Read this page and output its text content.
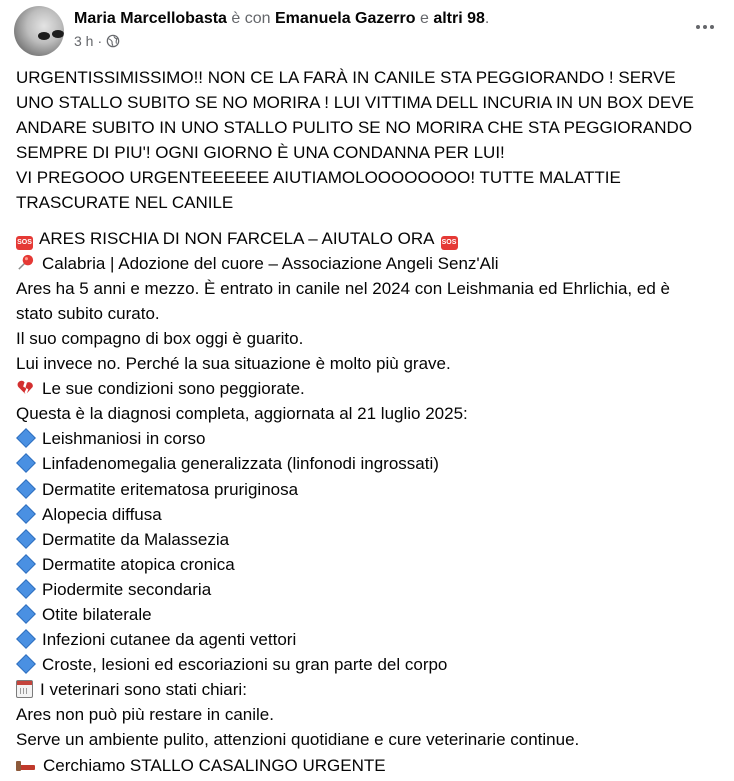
Maria Marcellobasta è con Emanuela Gazerro e altri 98.
3 h ·

URGENTISSIMISSIMO!! NON CE LA FARÀ IN CANILE STA PEGGIORANDO ! SERVE
UNO STALLO SUBITO SE NO MORIRA ! LUI VITTIMA DELL INCURIA IN UN BOX DEVE
ANDARE SUBITO IN UNO STALLO PULITO SE NO MORIRA CHE STA PEGGIORANDO
SEMPRE DI PIU'! OGNI GIORNO È UNA CONDANNA PER LUI!
VI PREGOOO URGENTEEEEEE AIUTIAMOLOOOOOOOO! TUTTE MALATTIE
TRASCURATE NEL CANILE

SOS ARES RISCHIA DI NON FARCELA – AIUTALO ORA SOS
Calabria | Adozione del cuore – Associazione Angeli Senz'Ali
Ares ha 5 anni e mezzo. È entrato in canile nel 2024 con Leishmania ed Ehrlichia, ed è
stato subito curato.
Il suo compagno di box oggi è guarito.
Lui invece no. Perché la sua situazione è molto più grave.
Le sue condizioni sono peggiorate.
Questa è la diagnosi completa, aggiornata al 21 luglio 2025:
Leishmaniosi in corso
Linfadenomegalia generalizzata (linfonodi ingrossati)
Dermatite eritematosa pruriginosa
Alopecia diffusa
Dermatite da Malassezia
Dermatite atopica cronica
Piodermite secondaria
Otite bilaterale
Infezioni cutanee da agenti vettori
Croste, lesioni ed escoriazioni su gran parte del corpo
I veterinari sono stati chiari:
Ares non può più restare in canile.
Serve un ambiente pulito, attenzioni quotidiane e cure veterinarie continue.
Cerchiamo STALLO CASALINGO URGENTE
